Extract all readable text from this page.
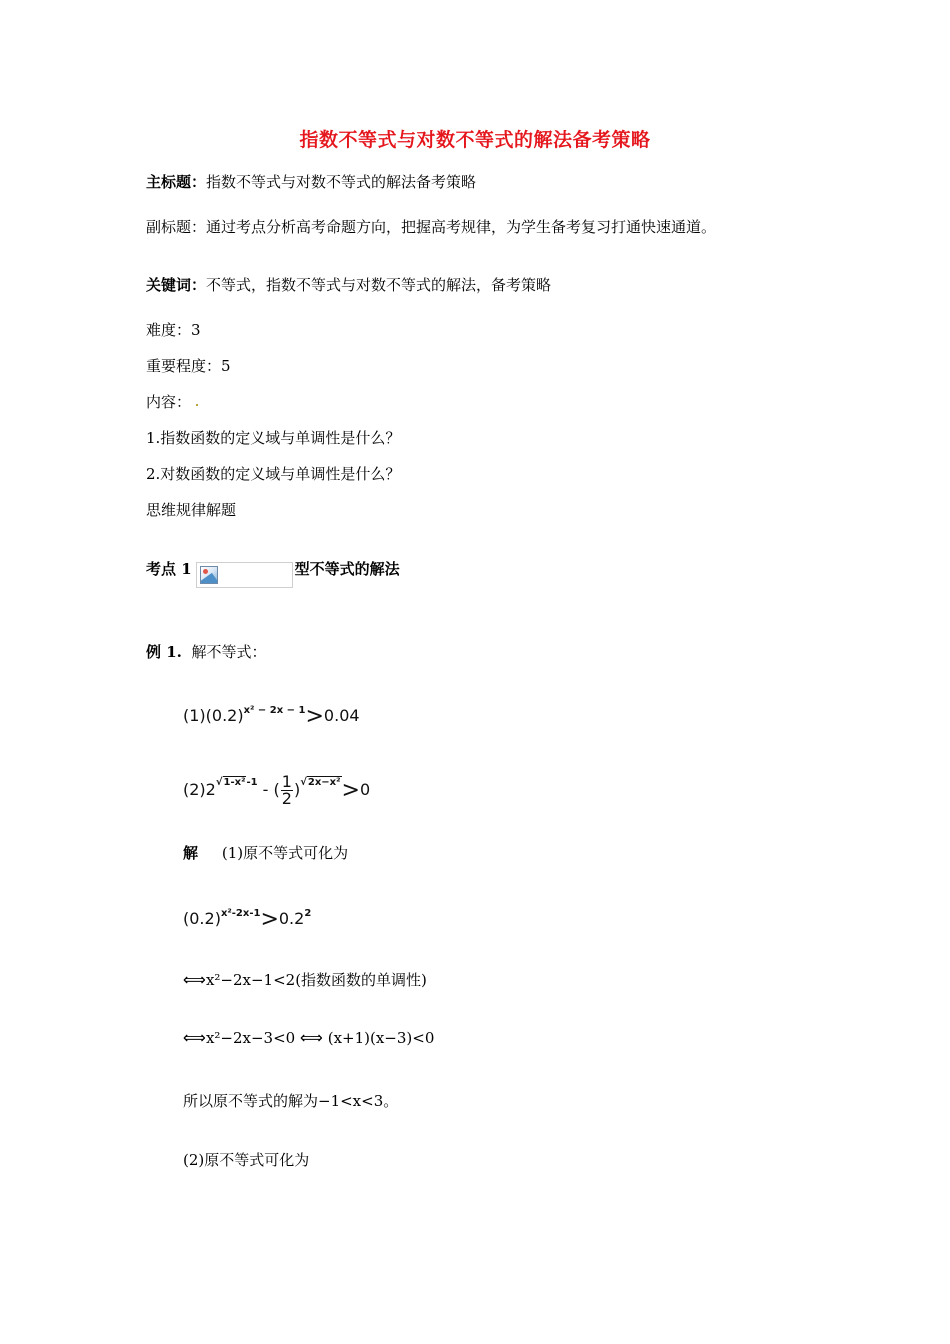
指数不等式与对数不等式的解法备考策略
主标题：指数不等式与对数不等式的解法备考策略
副标题：通过考点分析高考命题方向，把握高考规律，为学生备考复习打通快速通道。
关键词：不等式，指数不等式与对数不等式的解法，备考策略
难度：3
重要程度：5
内容：
1.指数函数的定义域与单调性是什么？
2.对数函数的定义域与单调性是什么？
思维规律解题
考点 1	型不等式的解法
例 1. 解不等式：
$(1)(0.2)^{x^2 - 2x - 1}>0.04$
$(2)2^{√1-x^2-1}$ - ( $\frac{1}{2} )^{√2x-x^2}>0$
解 (1)原不等式可化为
$(0.2)^{x^2-2x-1}>0.2^2$
⟺x²−2x−1<2(指数函数的单调性)
⟺x²−2x−3<0 ⟺ (x+1)(x−3)<0
所以原不等式的解为−1<x<3。
(2)原不等式可化为
